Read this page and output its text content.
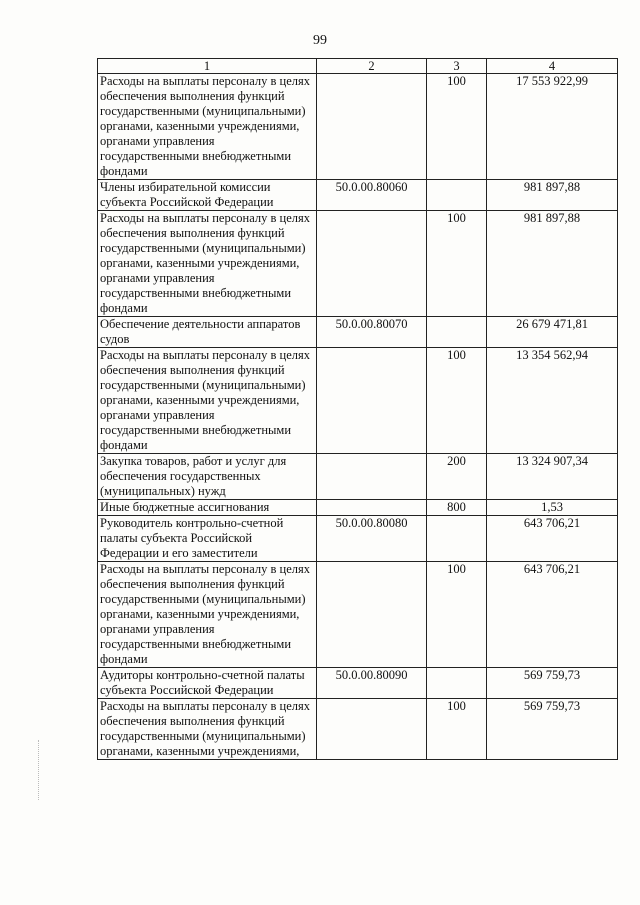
99
1	2	3	4
Расходы на выплаты персоналу в целях обеспечения выполнения функций государственными (муниципальными) органами, казенными учреждениями, органами управления государственными внебюджетными фондами		100	17 553 922,99
Члены избирательной комиссии субъекта Российской Федерации	50.0.00.80060		981 897,88
Расходы на выплаты персоналу в целях обеспечения выполнения функций государственными (муниципальными) органами, казенными учреждениями, органами управления государственными внебюджетными фондами		100	981 897,88
Обеспечение деятельности аппаратов судов	50.0.00.80070		26 679 471,81
Расходы на выплаты персоналу в целях обеспечения выполнения функций государственными (муниципальными) органами, казенными учреждениями, органами управления государственными внебюджетными фондами		100	13 354 562,94
Закупка товаров, работ и услуг для обеспечения государственных (муниципальных) нужд		200	13 324 907,34
Иные бюджетные ассигнования		800	1,53
Руководитель контрольно-счетной палаты субъекта Российской Федерации и его заместители	50.0.00.80080		643 706,21
Расходы на выплаты персоналу в целях обеспечения выполнения функций государственными (муниципальными) органами, казенными учреждениями, органами управления государственными внебюджетными фондами		100	643 706,21
Аудиторы контрольно-счетной палаты субъекта Российской Федерации	50.0.00.80090		569 759,73
Расходы на выплаты персоналу в целях обеспечения выполнения функций государственными (муниципальными) органами, казенными учреждениями,		100	569 759,73
